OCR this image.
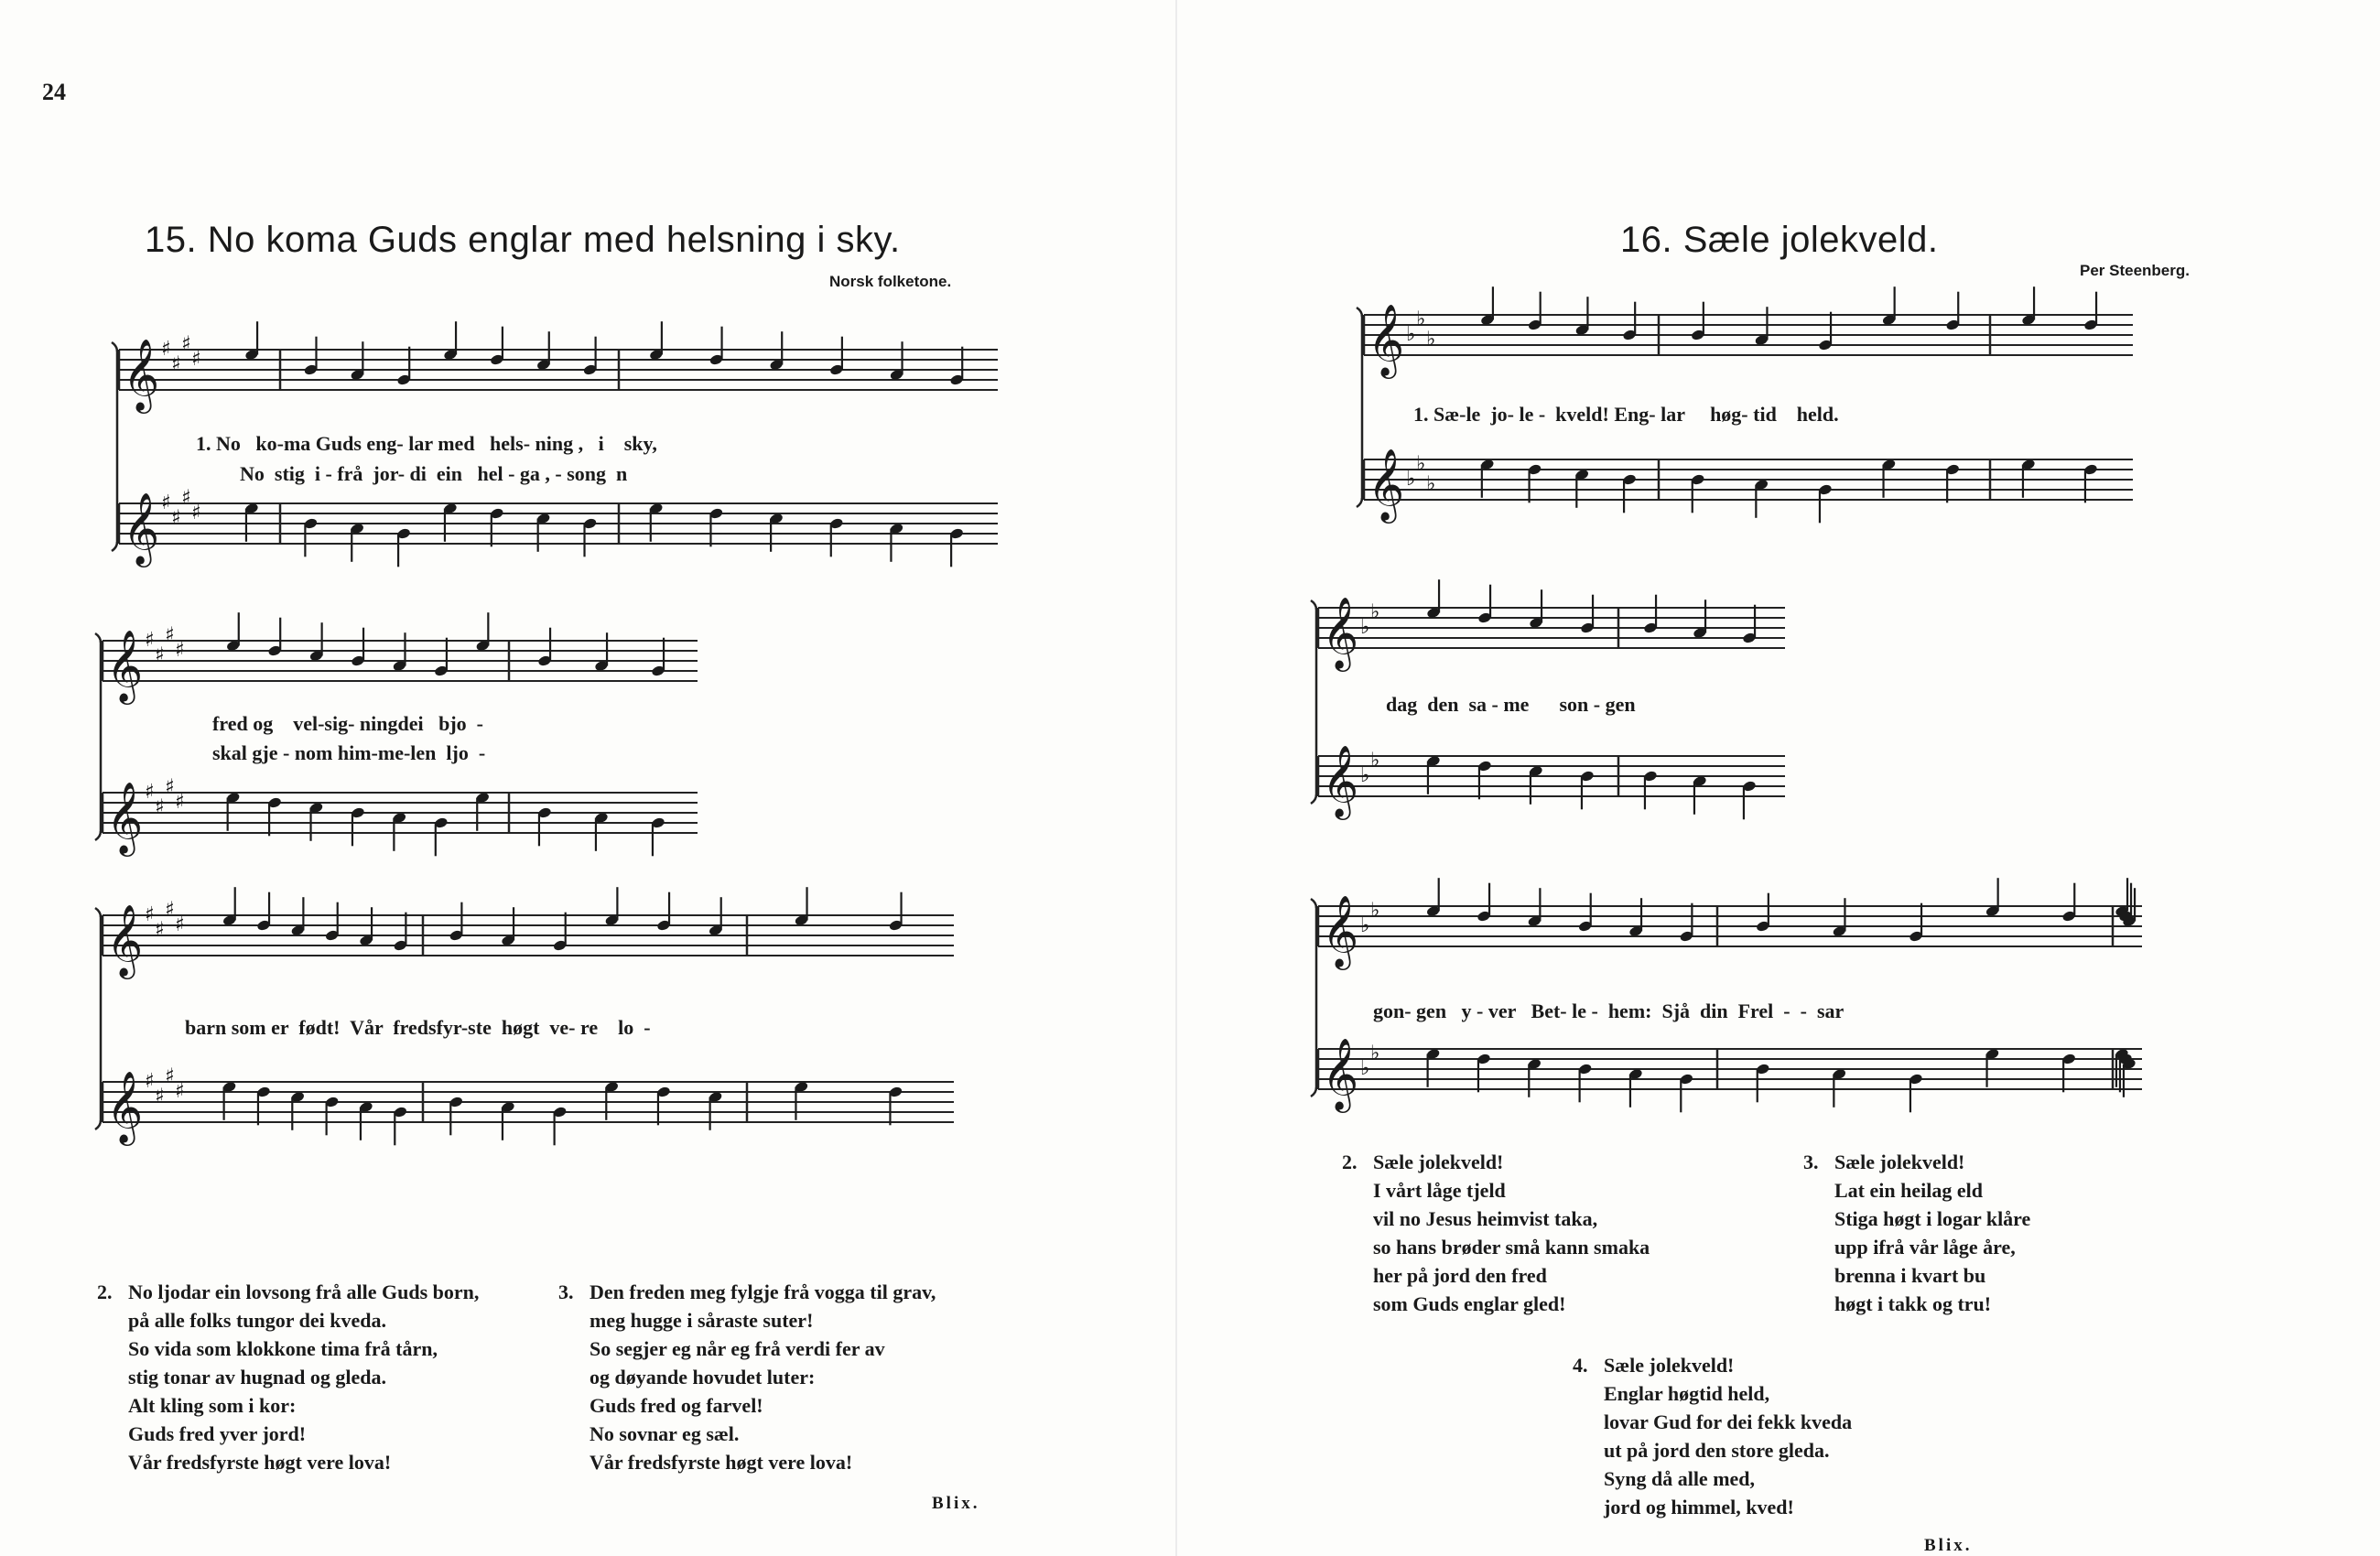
24
15. No koma Guds englar med helsning i sky.
Norsk folketone.
𝄞
𝄞
♯
♯
♯
♯
♯
♯
♯
♯
1. No   ko-ma Guds eng- lar med   hels- ning ,   i    sky,
No  stig  i - frå  jor- di  ein   hel - ga , - song  n
𝄞
𝄞
♯
♯
♯
♯
♯
♯
♯
♯
fred og    vel-sig- ningdei   bjo  -
skal gje - nom him-me-len  ljo  -
𝄞
𝄞
♯
♯
♯
♯
♯
♯
♯
♯
barn som er  født!  Vår  fredsfyr-ste  høgt  ve- re    lo  -
2. No ljodar ein lovsong frå alle Guds born,
på alle folks tungor dei kveda.
So vida som klokkone tima frå tårn,
stig tonar av hugnad og gleda.
Alt kling som i kor:
Guds fred yver jord!
Vår fredsfyrste høgt vere lova!
3. Den freden meg fylgje frå vogga til grav,
meg hugge i såraste suter!
So segjer eg når eg frå verdi fer av
og døyande hovudet luter:
Guds fred og farvel!
No sovnar eg sæl.
Vår fredsfyrste høgt vere lova!
Blix.
16. Sæle jolekveld.
Per Steenberg.
𝄞
𝄞
♭
♭
♭
♭
♭
♭
1. Sæ-le  jo- le -  kveld! Eng- lar     høg- tid    held.
𝄞
𝄞
♭
♭
♭
♭
dag  den  sa - me      son - gen
𝄞
𝄞
♭
♭
♭
♭
gon- gen   y - ver   Bet- le -  hem:  Sjå  din  Frel  -  -  sar
2. Sæle jolekveld!
I vårt låge tjeld
vil no Jesus heimvist taka,
so hans brøder små kann smaka
her på jord den fred
som Guds englar gled!
3. Sæle jolekveld!
Lat ein heilag eld
Stiga høgt i logar klåre
upp ifrå vår låge åre,
brenna i kvart bu
høgt i takk og tru!
4. Sæle jolekveld!
Englar høgtid held,
lovar Gud for dei fekk kveda
ut på jord den store gleda.
Syng då alle med,
jord og himmel, kved!
Blix.
